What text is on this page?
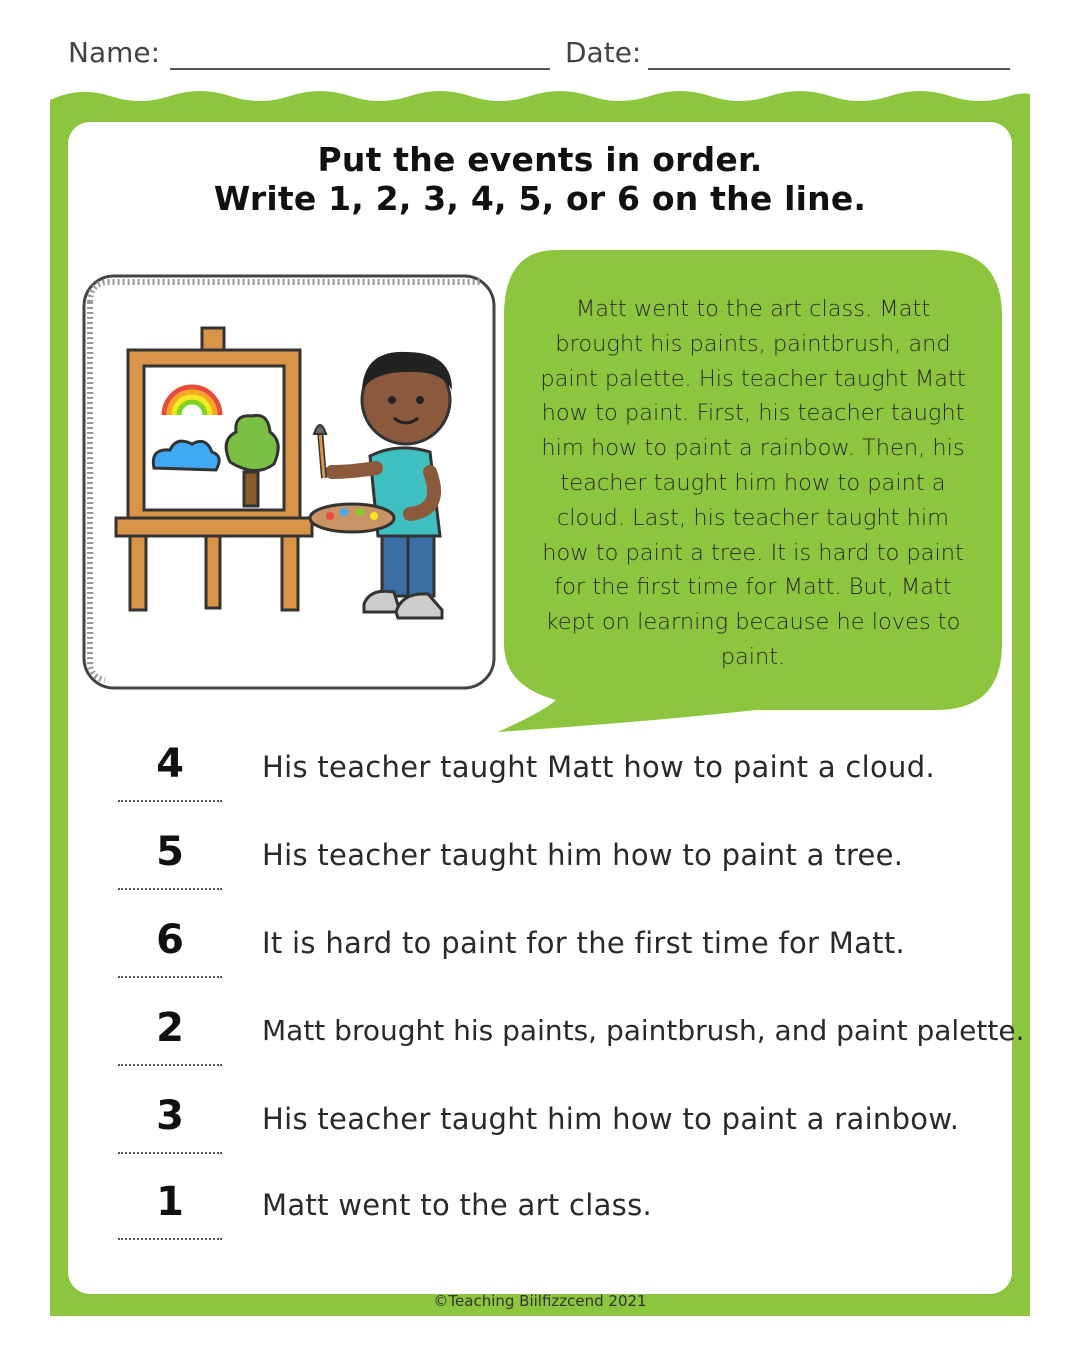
Name:	Date:
Put the events in order.
Write 1, 2, 3, 4, 5, or 6 on the line.
Matt went to the art class. Matt brought his paints, paintbrush, and paint palette. His teacher taught Matt how to paint. First, his teacher taught him how to paint a rainbow. Then, his teacher taught him how to paint a cloud. Last, his teacher taught him how to paint a tree. It is hard to paint for the first time for Matt. But, Matt kept on learning because he loves to paint.
4	His teacher taught Matt how to paint a cloud.
5	His teacher taught him how to paint a tree.
6	It is hard to paint for the first time for Matt.
2	Matt brought his paints, paintbrush, and paint palette.
3	His teacher taught him how to paint a rainbow.
1	Matt went to the art class.
©Teaching Biilfizzcend 2021
